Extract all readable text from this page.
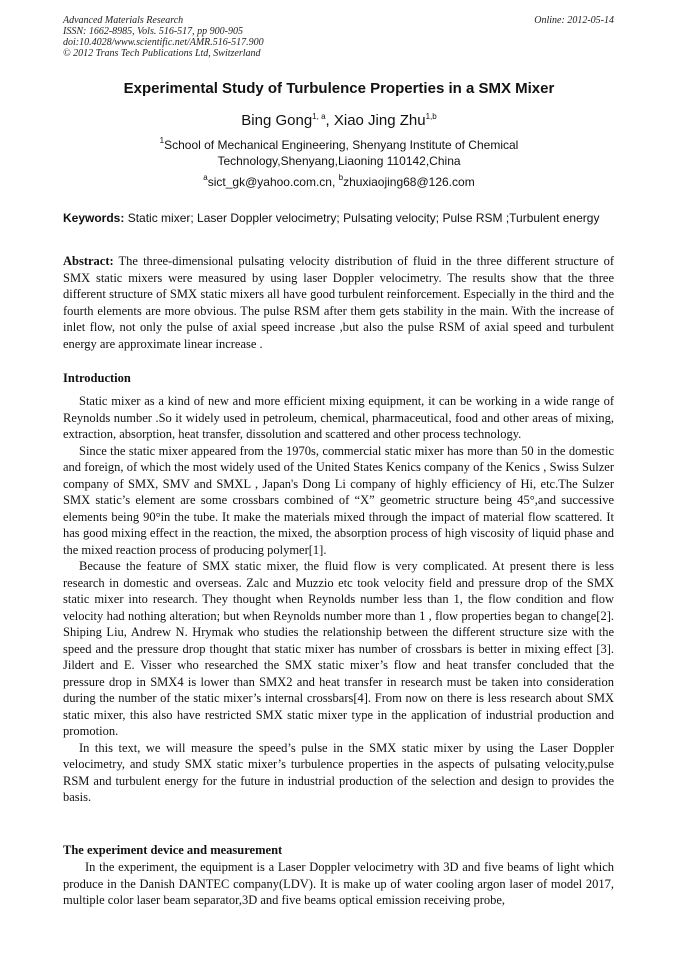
Advanced Materials Research
ISSN: 1662-8985, Vols. 516-517, pp 900-905
doi:10.4028/www.scientific.net/AMR.516-517.900
© 2012 Trans Tech Publications Ltd, Switzerland
Online: 2012-05-14
Experimental Study of Turbulence Properties in a SMX Mixer
Bing Gong$^{1, a}$, Xiao Jing Zhu$^{1,b}$
$^1$School of Mechanical Engineering, Shenyang Institute of Chemical
Technology,Shenyang,Liaoning 110142,China
$^a$sict_gk@yahoo.com.cn, $^b$zhuxiaojing68@126.com
Keywords: Static mixer; Laser Doppler velocimetry; Pulsating velocity; Pulse RSM ;Turbulent energy
Abstract: The three-dimensional pulsating velocity distribution of fluid in the three different structure of SMX static mixers were measured by using laser Doppler velocimetry. The results show that the three different structure of SMX static mixers all have good turbulent reinforcement. Especially in the third and the fourth elements are more obvious. The pulse RSM after them gets stability in the main. With the increase of inlet flow, not only the pulse of axial speed increase ,but also the pulse RSM of axial speed and turbulent energy are approximate linear increase .
Introduction

Static mixer as a kind of new and more efficient mixing equipment, it can be working in a wide range of Reynolds number .So it widely used in petroleum, chemical, pharmaceutical, food and other areas of mixing, extraction, absorption, heat transfer, dissolution and scattered and other process technology.

Since the static mixer appeared from the 1970s, commercial static mixer has more than 50 in the domestic and foreign, of which the most widely used of the United States Kenics company of the Kenics , Swiss Sulzer company of SMX, SMV and SMXL , Japan's Dong Li company of highly efficiency of Hi, etc.The Sulzer SMX static’s element are some crossbars combined of “X” geometric structure being 45°,and successive elements being 90°in the tube. It make the materials mixed through the impact of material flow scattered. It has good mixing effect in the reaction, the mixed, the absorption process of high viscosity of liquid phase and the mixed reaction process of producing polymer[1].

Because the feature of SMX static mixer, the fluid flow is very complicated. At present there is less research in domestic and overseas. Zalc and Muzzio etc took velocity field and pressure drop of the SMX static mixer into research. They thought when Reynolds number less than 1, the flow condition and flow velocity had nothing alteration; but when Reynolds number more than 1 , flow properties began to change[2]. Shiping Liu, Andrew N. Hrymak who studies the relationship between the different structure size with the speed and the pressure drop thought that static mixer has number of crossbars is better in mixing effect [3]. Jildert and E. Visser who researched the SMX static mixer’s flow and heat transfer concluded that the pressure drop in SMX4 is lower than SMX2 and heat transfer in research must be taken into consideration during the number of the static mixer’s internal crossbars[4]. From now on there is less research about SMX static mixer, this also have restricted SMX static mixer type in the application of industrial production and promotion.

In this text, we will measure the speed’s pulse in the SMX static mixer by using the Laser Doppler velocimetry, and study SMX static mixer’s turbulence properties in the aspects of pulsating velocity,pulse RSM and turbulent energy for the future in industrial production of the selection and design to provides the basis.

The experiment device and measurement

In the experiment, the equipment is a Laser Doppler velocimetry with 3D and five beams of light which produce in the Danish DANTEC company(LDV). It is make up of water cooling argon laser of model 2017, multiple color laser beam separator,3D and five beams optical emission receiving probe,
